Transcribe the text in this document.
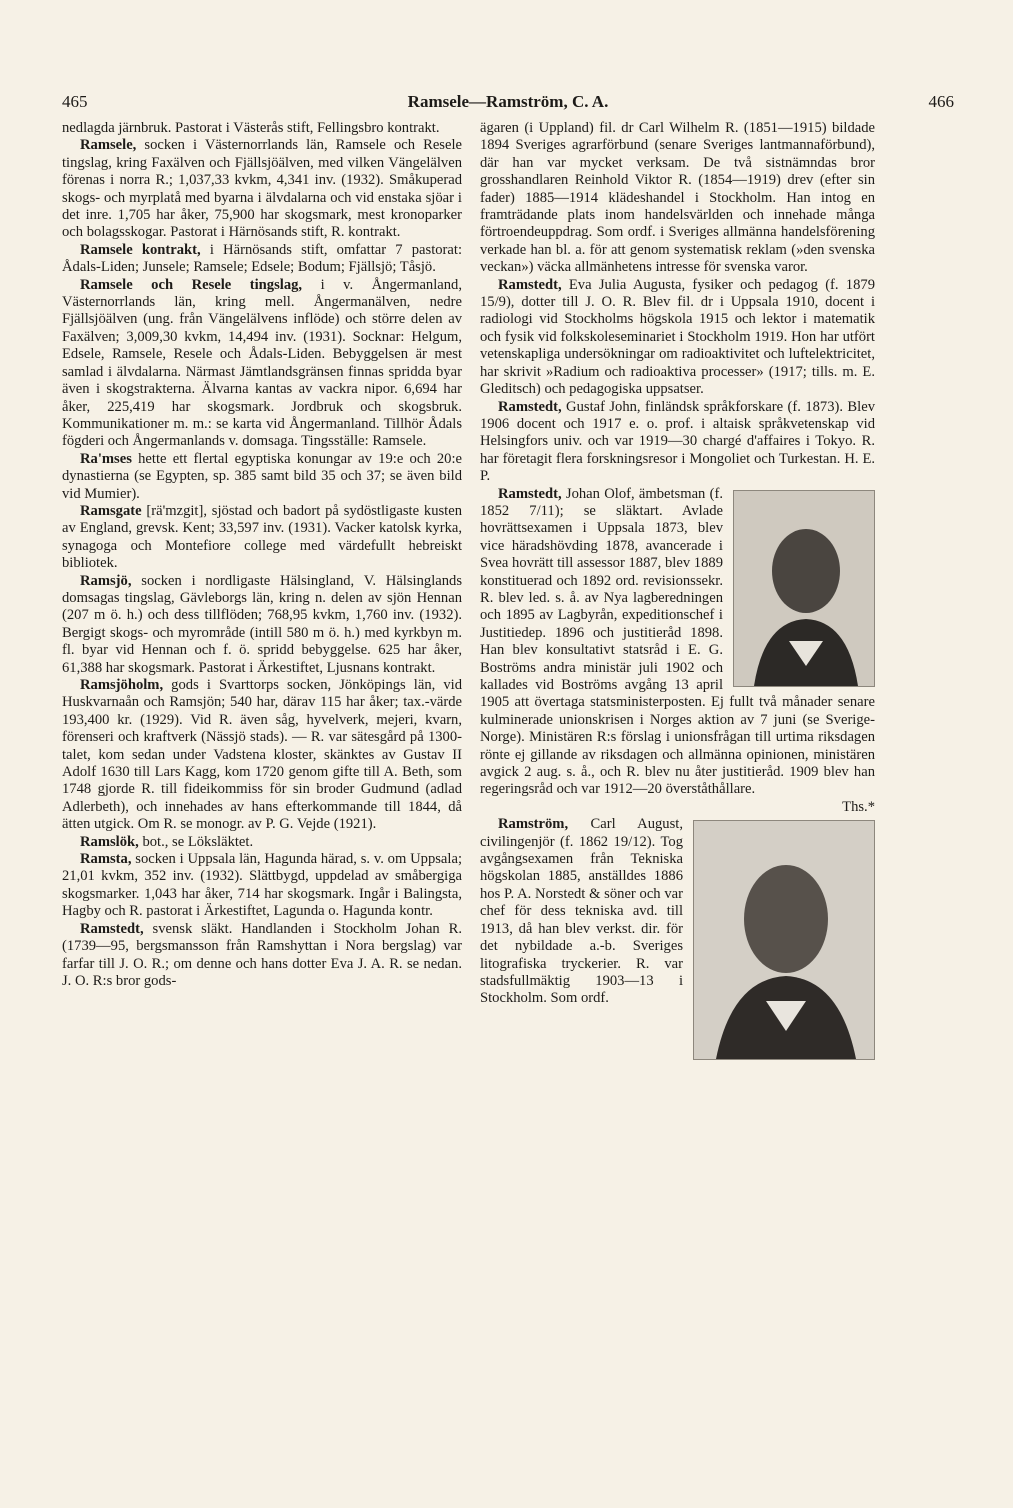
465	Ramsele—Ramström, C. A.	466

nedlagda järnbruk. Pastorat i Västerås stift, Fellingsbro kontrakt.

Ramsele, socken i Västernorrlands län, Ramsele och Resele tingslag, kring Faxälven och Fjällsjöälven, med vilken Vängelälven förenas i norra R.; 1,037,33 kvkm, 4,341 inv. (1932). Småkuperad skogs- och myrplatå med byarna i älvdalarna och vid enstaka sjöar i det inre. 1,705 har åker, 75,900 har skogsmark, mest kronoparker och bolagsskogar. Pastorat i Härnösands stift, R. kontrakt.

Ramsele kontrakt, i Härnösands stift, omfattar 7 pastorat: Ådals-Liden; Junsele; Ramsele; Edsele; Bodum; Fjällsjö; Tåsjö.

Ramsele och Resele tingslag, i v. Ångermanland, Västernorrlands län, kring mell. Ångermanälven, nedre Fjällsjöälven (ung. från Vängelälvens inflöde) och större delen av Faxälven; 3,009,30 kvkm, 14,494 inv. (1931). Socknar: Helgum, Edsele, Ramsele, Resele och Ådals-Liden. Bebyggelsen är mest samlad i älvdalarna. Närmast Jämtlandsgränsen finnas spridda byar även i skogstrakterna. Älvarna kantas av vackra nipor. 6,694 har åker, 225,419 har skogsmark. Jordbruk och skogsbruk. Kommunikationer m. m.: se karta vid Ångermanland. Tillhör Ådals fögderi och Ångermanlands v. domsaga. Tingsställe: Ramsele.

Ra'mses hette ett flertal egyptiska konungar av 19:e och 20:e dynastierna (se Egypten, sp. 385 samt bild 35 och 37; se även bild vid Mumier).

Ramsgate [rä'mzgit], sjöstad och badort på sydöstligaste kusten av England, grevsk. Kent; 33,597 inv. (1931). Vacker katolsk kyrka, synagoga och Montefiore college med värdefullt hebreiskt bibliotek.

Ramsjö, socken i nordligaste Hälsingland, V. Hälsinglands domsagas tingslag, Gävleborgs län, kring n. delen av sjön Hennan (207 m ö. h.) och dess tillflöden; 768,95 kvkm, 1,760 inv. (1932). Bergigt skogs- och myrområde (intill 580 m ö. h.) med kyrkbyn m. fl. byar vid Hennan och f. ö. spridd bebyggelse. 625 har åker, 61,388 har skogsmark. Pastorat i Ärkestiftet, Ljusnans kontrakt.

Ramsjöholm, gods i Svarttorps socken, Jönköpings län, vid Huskvarnaån och Ramsjön; 540 har, därav 115 har åker; tax.-värde 193,400 kr. (1929). Vid R. även såg, hyvelverk, mejeri, kvarn, förenseri och kraftverk (Nässjö stads). — R. var sätesgård på 1300-talet, kom sedan under Vadstena kloster, skänktes av Gustav II Adolf 1630 till Lars Kagg, kom 1720 genom gifte till A. Beth, som 1748 gjorde R. till fideikommiss för sin broder Gudmund (adlad Adlerbeth), och innehades av hans efterkommande till 1844, då ätten utgick. Om R. se monogr. av P. G. Vejde (1921).

Ramslök, bot., se Löksläktet.

Ramsta, socken i Uppsala län, Hagunda härad, s. v. om Uppsala; 21,01 kvkm, 352 inv. (1932). Slättbygd, uppdelad av småbergiga skogsmarker. 1,043 har åker, 714 har skogsmark. Ingår i Balingsta, Hagby och R. pastorat i Ärkestiftet, Lagunda o. Hagunda kontr.

Ramstedt, svensk släkt. Handlanden i Stockholm Johan R. (1739—95, bergsmansson från Ramshyttan i Nora bergslag) var farfar till J. O. R.; om denne och hans dotter Eva J. A. R. se nedan. J. O. R:s bror gods-

ägaren (i Uppland) fil. dr Carl Wilhelm R. (1851—1915) bildade 1894 Sveriges agrarförbund (senare Sveriges lantmannaförbund), där han var mycket verksam. De två sistnämndas bror grosshandlaren Reinhold Viktor R. (1854—1919) drev (efter sin fader) 1885—1914 klädeshandel i Stockholm. Han intog en framträdande plats inom handelsvärlden och innehade många förtroendeuppdrag. Som ordf. i Sveriges allmänna handelsförening verkade han bl. a. för att genom systematisk reklam (»den svenska veckan») väcka allmänhetens intresse för svenska varor.

Ramstedt, Eva Julia Augusta, fysiker och pedagog (f. 1879 15/9), dotter till J. O. R. Blev fil. dr i Uppsala 1910, docent i radiologi vid Stockholms högskola 1915 och lektor i matematik och fysik vid folkskoleseminariet i Stockholm 1919. Hon har utfört vetenskapliga undersökningar om radioaktivitet och luftelektricitet, har skrivit »Radium och radioaktiva processer» (1917; tills. m. E. Gleditsch) och pedagogiska uppsatser.

Ramstedt, Gustaf John, finländsk språkforskare (f. 1873). Blev 1906 docent och 1917 e. o. prof. i altaisk språkvetenskap vid Helsingfors univ. och var 1919—30 chargé d'affaires i Tokyo. R. har företagit flera forskningsresor i Mongoliet och Turkestan. H. E. P.

Ramstedt, Johan Olof, ämbetsman (f. 1852 7/11); se släktart. Avlade hovrättsexamen i Uppsala 1873, blev vice häradshövding 1878, avancerade i Svea hovrätt till assessor 1887, blev 1889 konstituerad och 1892 ord. revisionssekr. R. blev led. s. å. av Nya lagberedningen och 1895 av Lagbyrån, expeditionschef i Justitiedep. 1896 och justitieråd 1898. Han blev konsultativt statsråd i E. G. Boströms andra ministär juli 1902 och kallades vid Boströms avgång 13 april 1905 att övertaga statsministerposten. Ej fullt två månader senare kulminerade unionskrisen i Norges aktion av 7 juni (se Sverige-Norge). Ministären R:s förslag i unionsfrågan till urtima riksdagen rönte ej gillande av riksdagen och allmänna opinionen, ministären avgick 2 aug. s. å., och R. blev nu åter justitieråd. 1909 blev han regeringsråd och var 1912—20 överståthållare.

Ths.*

Ramström, Carl August, civilingenjör (f. 1862 19/12). Tog avgångsexamen från Tekniska högskolan 1885, anställdes 1886 hos P. A. Norstedt & söner och var chef för dess tekniska avd. till 1913, då han blev verkst. dir. för det nybildade a.-b. Sveriges litografiska tryckerier. R. var stadsfullmäktig 1903—13 i Stockholm. Som ordf.
